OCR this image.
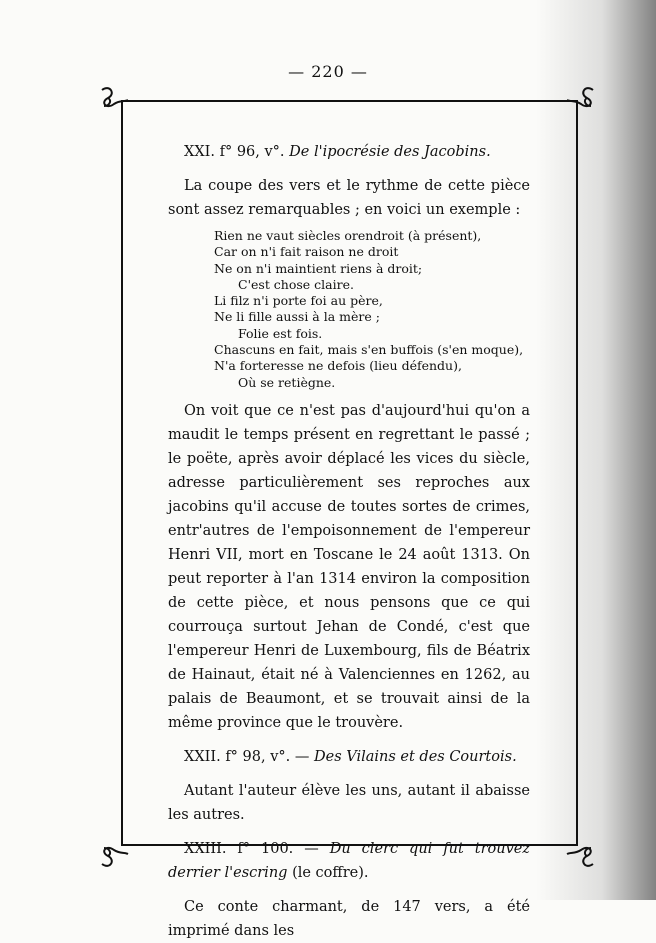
— 220 —

XXI. f° 96, v°. De l'ipocrésie des Jacobins.

La coupe des vers et le rythme de cette pièce sont assez remarquables ; en voici un exemple :

Rien ne vaut siècles orendroit (à présent),
Car on n'i fait raison ne droit
Ne on n'i maintient riens à droit;
C'est chose claire.
Li filz n'i porte foi au père,
Ne li fille aussi à la mère ;
Folie est fois.
Chascuns en fait, mais s'en buffois (s'en moque),
N'a forteresse ne defois (lieu défendu),
Où se retiègne.

On voit que ce n'est pas d'aujourd'hui qu'on a maudit le temps présent en regrettant le passé ; le poëte, après avoir déplacé les vices du siècle, adresse particulièrement ses reproches aux jacobins qu'il accuse de toutes sortes de crimes, entr'autres de l'empoisonnement de l'empereur Henri VII, mort en Toscane le 24 août 1313. On peut reporter à l'an 1314 environ la composition de cette pièce, et nous pensons que ce qui courrouça surtout Jehan de Condé, c'est que l'empereur Henri de Luxembourg, fils de Béatrix de Hainaut, était né à Valenciennes en 1262, au palais de Beaumont, et se trouvait ainsi de la même province que le trouvère.

XXII. f° 98, v°. — Des Vilains et des Courtois.

Autant l'auteur élève les uns, autant il abaisse les autres.

XXIII. f° 100. — Du clerc qui fut trouvez derrier l'escring (le coffre).

Ce conte charmant, de 147 vers, a été imprimé dans les
